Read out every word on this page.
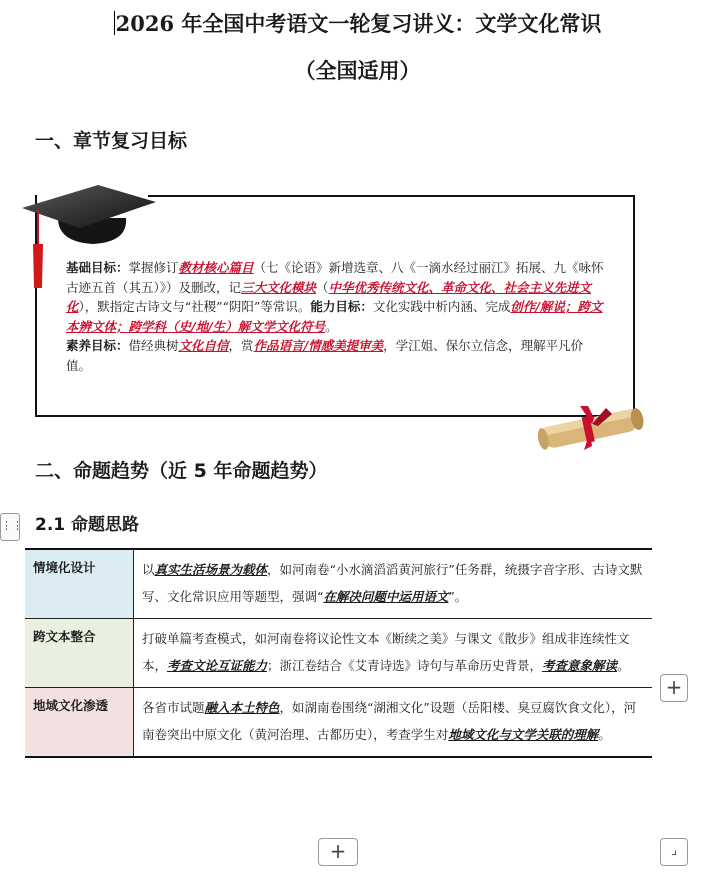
2026 年全国中考语文一轮复习讲义：文学文化常识
（全国适用）
一、章节复习目标

基础目标：掌握修订教材核心篇目（七《论语》新增选章、八《一滴水经过丽江》拓展、九《咏怀古迹五首（其五）》）及删改，记三大文化模块（中华优秀传统文化、革命文化、社会主义先进文化），默指定古诗文与“社稷”“阴阳”等常识。能力目标：文化实践中析内涵、完成创作/解说；跨文本辨文体；跨学科（史/地/生）解文学文化符号。

素养目标：借经典树文化自信，赏作品语言/情感美提审美，学江姐、保尔立信念，理解平凡价值。

二、命题趋势（近 5 年命题趋势）
⋮⋮ 2.1 命题思路
情境化设计	以真实生活场景为载体，如河南卷“小水滴滔滔黄河旅行”任务群，统摄字音字形、古诗文默写、文化常识应用等题型，强调“在解决问题中运用语文”。
跨文本整合	打破单篇考查模式，如河南卷将议论性文本《断续之美》与课文《散步》组成非连续性文本，考查文论互证能力；浙江卷结合《艾青诗选》诗句与革命历史背景，考查意象解读。
地域文化渗透	各省市试题融入本土特色，如湖南卷围绕“湖湘文化”设题（岳阳楼、臭豆腐饮食文化），河南卷突出中原文化（黄河治理、古都历史），考查学生对地域文化与文学关联的理解。
+
+	⌟
